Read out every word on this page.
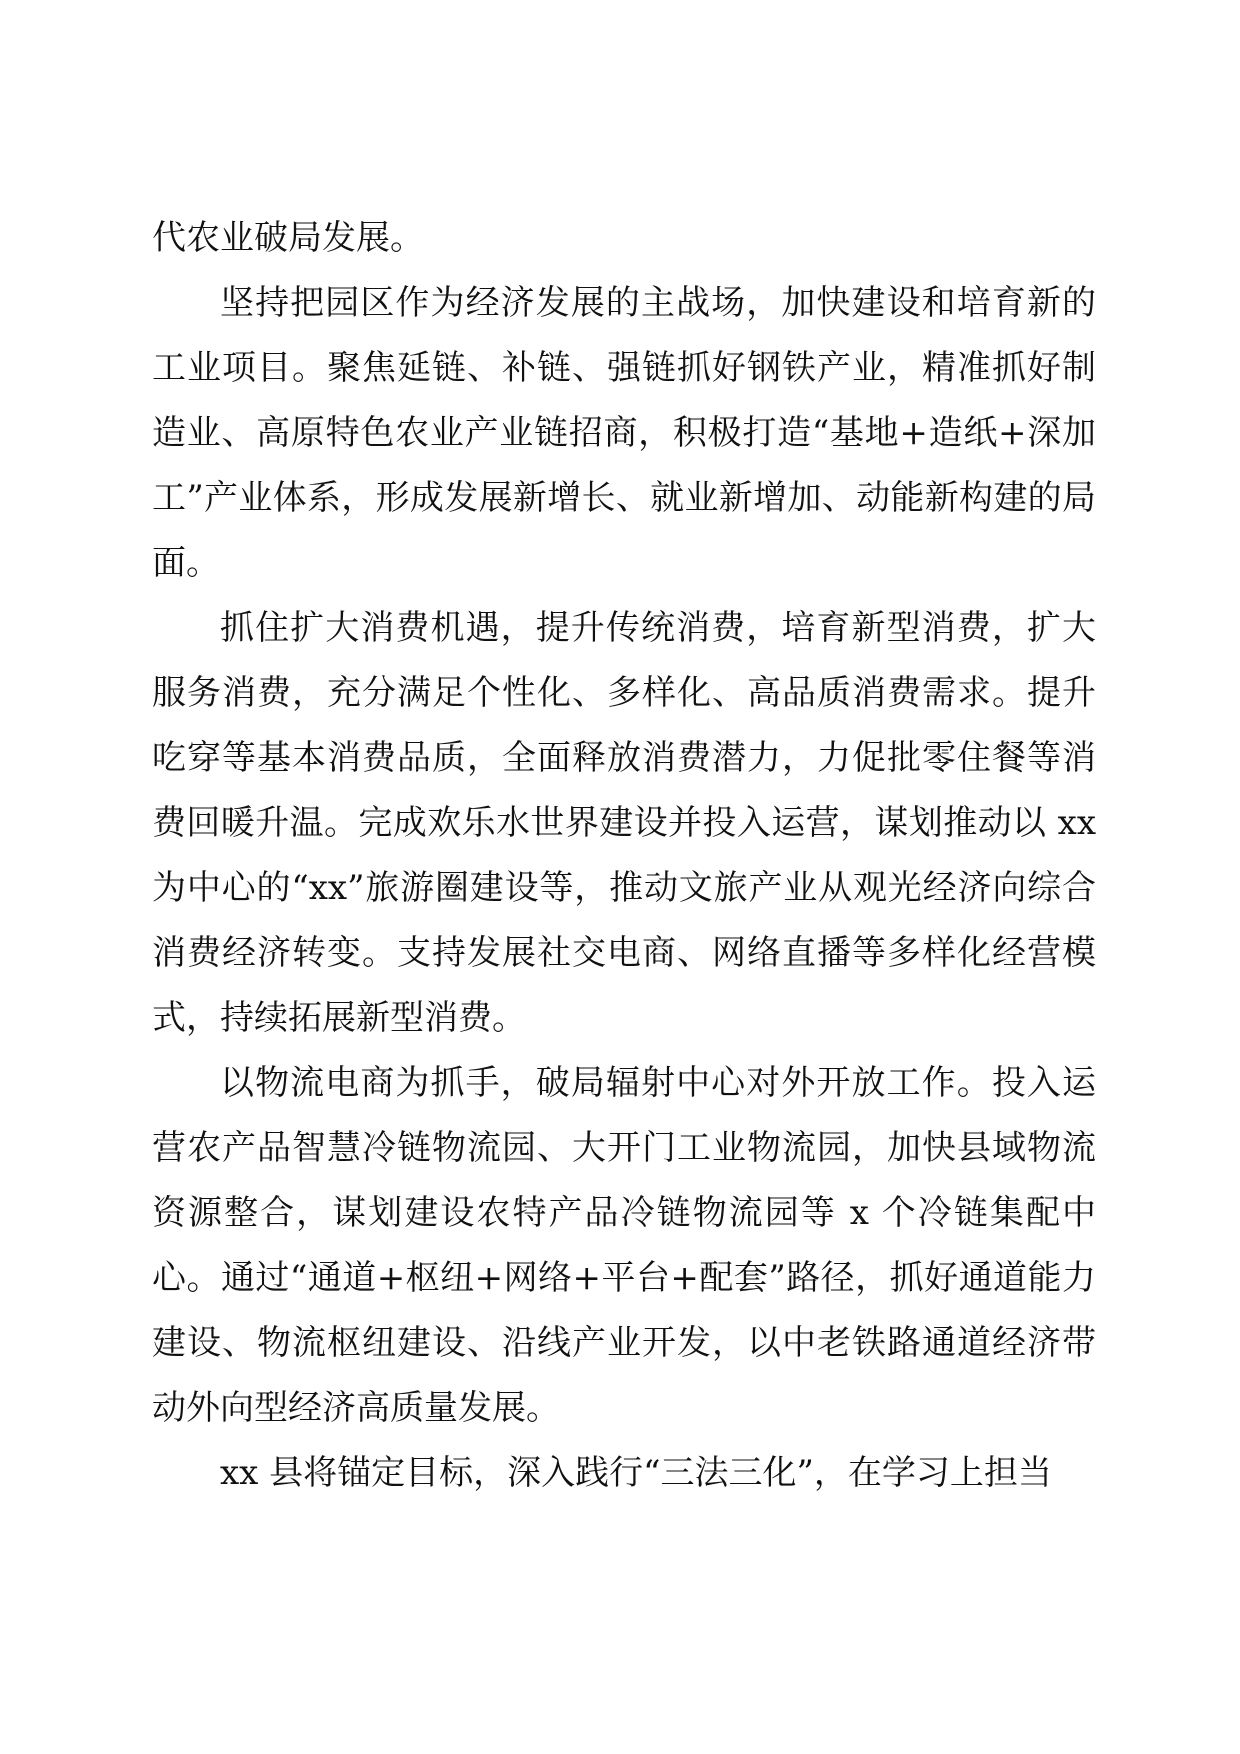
代农业破局发展。

坚持把园区作为经济发展的主战场，加快建设和培育新的工业项目。聚焦延链、补链、强链抓好钢铁产业，精准抓好制造业、高原特色农业产业链招商，积极打造“基地+造纸+深加工”产业体系，形成发展新增长、就业新增加、动能新构建的局面。

抓住扩大消费机遇，提升传统消费，培育新型消费，扩大服务消费，充分满足个性化、多样化、高品质消费需求。提升吃穿等基本消费品质，全面释放消费潜力，力促批零住餐等消费回暖升温。完成欢乐水世界建设并投入运营，谋划推动以 xx 为中心的“xx”旅游圈建设等，推动文旅产业从观光经济向综合消费经济转变。支持发展社交电商、网络直播等多样化经营模式，持续拓展新型消费。

以物流电商为抓手，破局辐射中心对外开放工作。投入运营农产品智慧冷链物流园、大开门工业物流园，加快县域物流资源整合，谋划建设农特产品冷链物流园等 x 个冷链集配中心。通过“通道+枢纽+网络+平台+配套”路径，抓好通道能力建设、物流枢纽建设、沿线产业开发，以中老铁路通道经济带动外向型经济高质量发展。

xx 县将锚定目标，深入践行“三法三化”，在学习上担当
